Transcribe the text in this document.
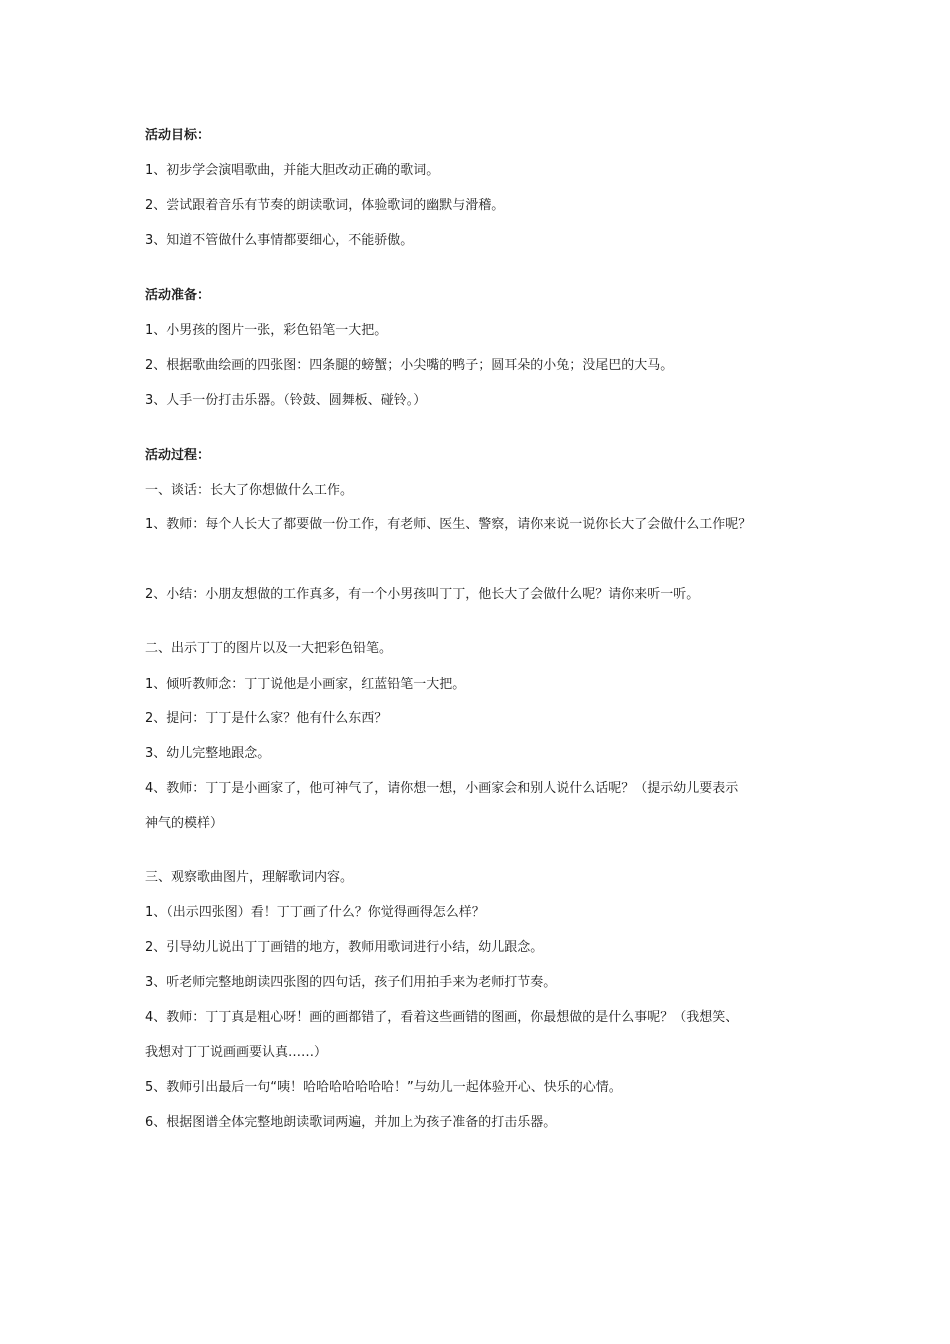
活动目标：
1、初步学会演唱歌曲，并能大胆改动正确的歌词。
2、尝试跟着音乐有节奏的朗读歌词，体验歌词的幽默与滑稽。
3、知道不管做什么事情都要细心，不能骄傲。
活动准备：
1、小男孩的图片一张，彩色铅笔一大把。
2、根据歌曲绘画的四张图：四条腿的螃蟹；小尖嘴的鸭子；圆耳朵的小兔；没尾巴的大马。
3、人手一份打击乐器。（铃鼓、圆舞板、碰铃。）
活动过程：
一、谈话：长大了你想做什么工作。
1、教师：每个人长大了都要做一份工作，有老师、医生、警察，请你来说一说你长大了会做什么工作呢？
2、小结：小朋友想做的工作真多，有一个小男孩叫丁丁，他长大了会做什么呢？请你来听一听。
二、出示丁丁的图片以及一大把彩色铅笔。
1、倾听教师念：丁丁说他是小画家，红蓝铅笔一大把。
2、提问：丁丁是什么家？他有什么东西？
3、幼儿完整地跟念。
4、教师：丁丁是小画家了，他可神气了，请你想一想，小画家会和别人说什么话呢？（提示幼儿要表示
神气的模样）
三、观察歌曲图片，理解歌词内容。
1、（出示四张图）看！丁丁画了什么？你觉得画得怎么样？
2、引导幼儿说出丁丁画错的地方，教师用歌词进行小结，幼儿跟念。
3、听老师完整地朗读四张图的四句话，孩子们用拍手来为老师打节奏。
4、教师：丁丁真是粗心呀！画的画都错了，看着这些画错的图画，你最想做的是什么事呢？（我想笑、
我想对丁丁说画画要认真……）
5、教师引出最后一句“咦！哈哈哈哈哈哈哈！”与幼儿一起体验开心、快乐的心情。
6、根据图谱全体完整地朗读歌词两遍，并加上为孩子准备的打击乐器。
